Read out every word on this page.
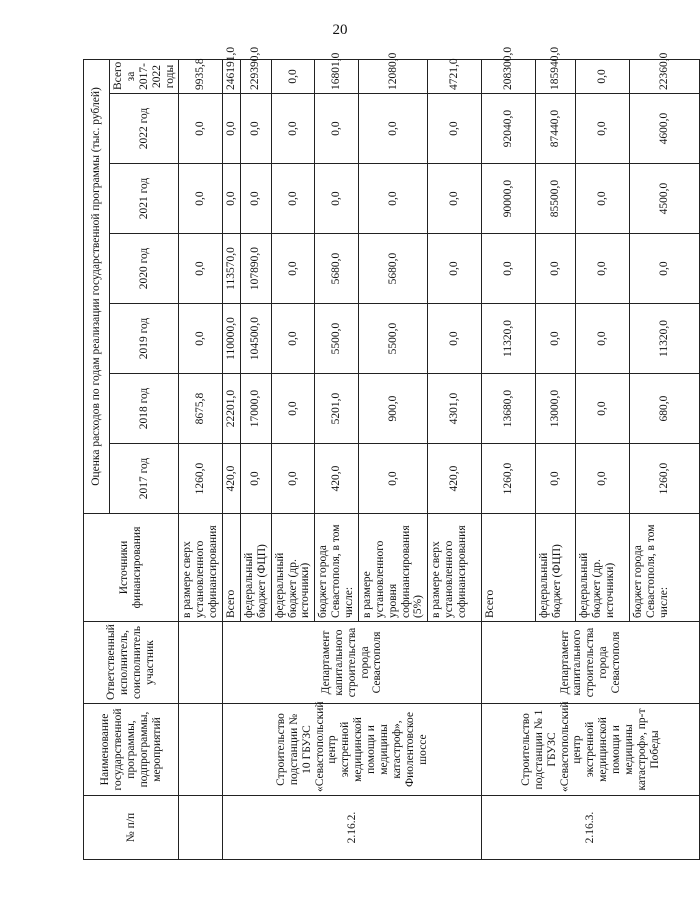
20
№ п/п	Наименование государственной программы, подпрограммы, мероприятий	Ответственный исполнитель, соисполнитель участник	Источники финансирования	Оценка расходов по годам реализации государственной программы (тыс. рублей)						
				2017 год	2018 год	2019 год	2020 год	2021 год	2022 год	Всего за 2017-2022 годы
			в размере сверх установленного софинансирования	1260,0	8675,8	0,0	0,0	0,0	0,0	9935,8
2.16.2.	Строительство подстанции № 10 ГБУЗС «Севастопольский центр экстренной медицинской помощи и медицины катастроф», Фиолентовское шоссе	Департамент капитального строительства города Севастополя	Всего	420,0	22201,0	110000,0	113570,0	0,0	0,0	246191,0
			федеральный бюджет (ФЦП)	0,0	17000,0	104500,0	107890,0	0,0	0,0	229390,0
			федеральный бюджет (др. источники)	0,0	0,0	0,0	0,0	0,0	0,0	0,0
			бюджет города Севастополя, в том числе:	420,0	5201,0	5500,0	5680,0	0,0	0,0	16801,0
			в размере установленного уровня софинансирования (5%)	0,0	900,0	5500,0	5680,0	0,0	0,0	12080,0
			в размере сверх установленного софинансирования	420,0	4301,0	0,0	0,0	0,0	0,0	4721,0
2.16.3.	Строительство подстанции № 1 ГБУЗС «Севастопольский центр экстренной медицинской помощи и медицины катастроф», пр-т Победы	Департамент капитального строительства города Севастополя	Всего	1260,0	13680,0	11320,0	0,0	90000,0	92040,0	208300,0
			федеральный бюджет (ФЦП)	0,0	13000,0	0,0	0,0	85500,0	87440,0	185940,0
			федеральный бюджет (др. источники)	0,0	0,0	0,0	0,0	0,0	0,0	0,0
			бюджет города Севастополя, в том числе:	1260,0	680,0	11320,0	0,0	4500,0	4600,0	22360,0
